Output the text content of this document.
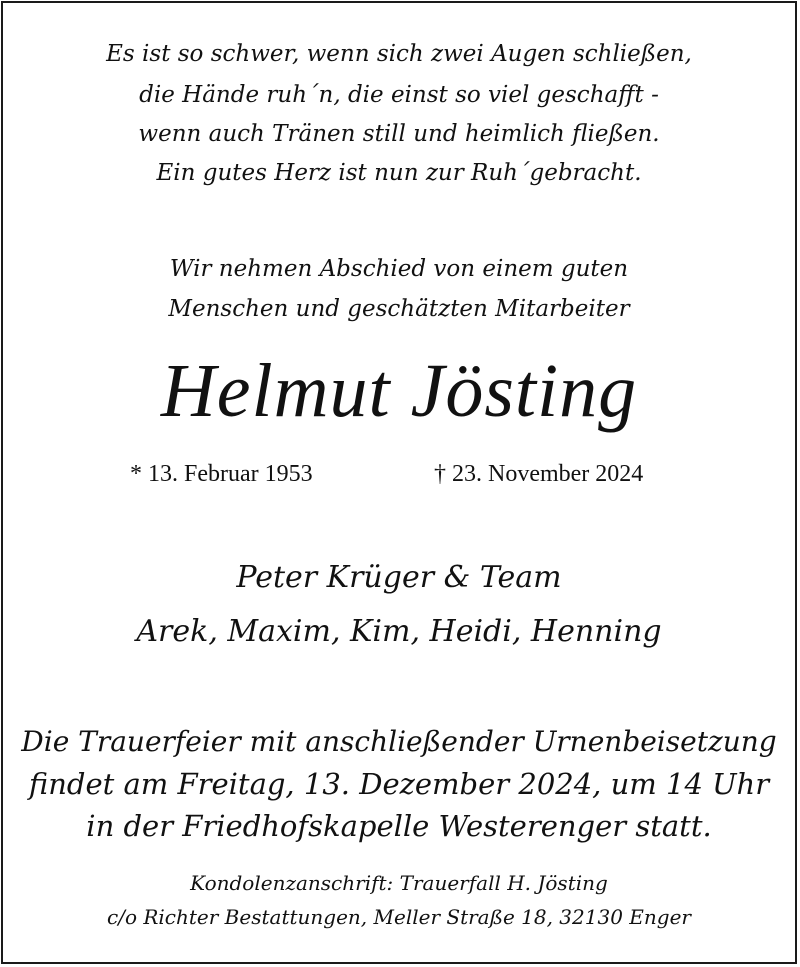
Es ist so schwer, wenn sich zwei Augen schließen,
die Hände ruh´n, die einst so viel geschafft -
wenn auch Tränen still und heimlich fließen.
Ein gutes Herz ist nun zur Ruh´gebracht.
Wir nehmen Abschied von einem guten
Menschen und geschätzten Mitarbeiter
Helmut Jösting
* 13. Februar 1953	† 23. November 2024
Peter Krüger & Team
Arek, Maxim, Kim, Heidi, Henning
Die Trauerfeier mit anschließender Urnenbeisetzung
findet am Freitag, 13. Dezember 2024, um 14 Uhr
in der Friedhofskapelle Westerenger statt.
Kondolenzanschrift: Trauerfall H. Jösting
c/o Richter Bestattungen, Meller Straße 18, 32130 Enger
